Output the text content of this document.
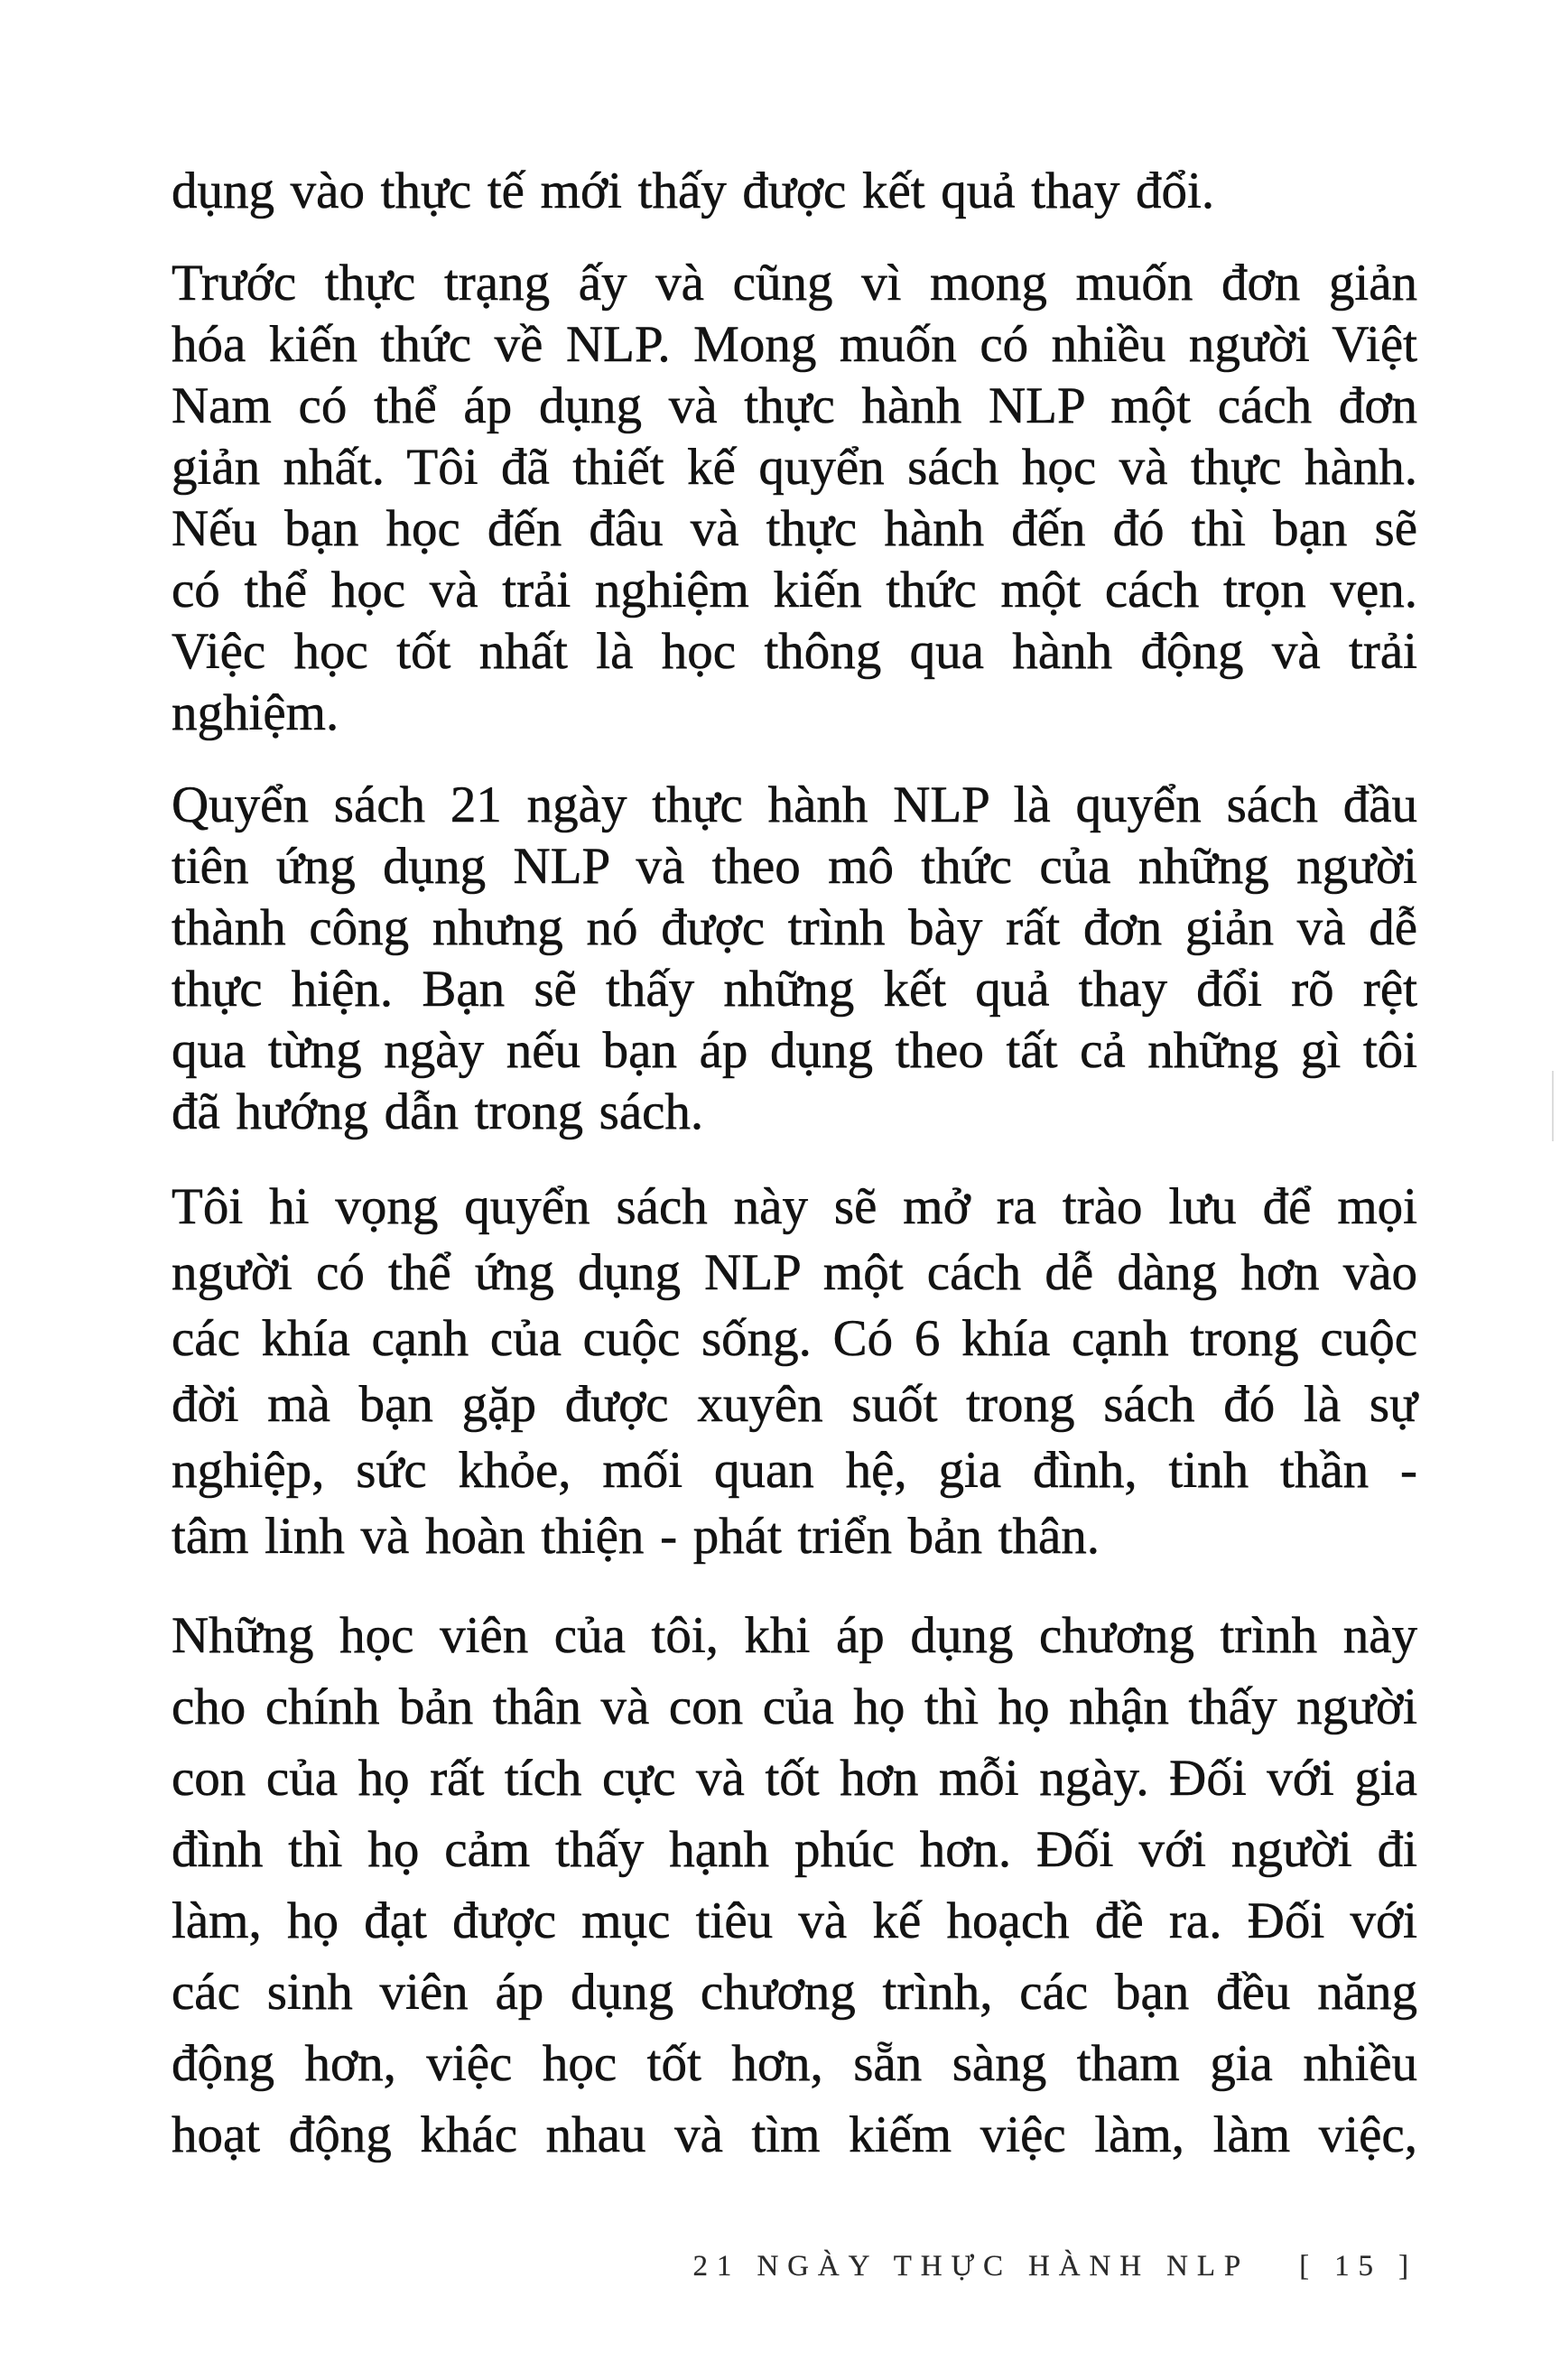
dụng vào thực tế mới thấy được kết quả thay đổi.
Trước thực trạng ấy và cũng vì mong muốn đơn giản
hóa kiến thức về NLP. Mong muốn có nhiều người Việt
Nam có thể áp dụng và thực hành NLP một cách đơn
giản nhất. Tôi đã thiết kế quyển sách học và thực hành.
Nếu bạn học đến đâu và thực hành đến đó thì bạn sẽ
có thể học và trải nghiệm kiến thức một cách trọn vẹn.
Việc học tốt nhất là học thông qua hành động và trải
nghiệm.
Quyển sách 21 ngày thực hành NLP là quyển sách đầu
tiên ứng dụng NLP và theo mô thức của những người
thành công nhưng nó được trình bày rất đơn giản và dễ
thực hiện. Bạn sẽ thấy những kết quả thay đổi rõ rệt
qua từng ngày nếu bạn áp dụng theo tất cả những gì tôi
đã hướng dẫn trong sách.
Tôi hi vọng quyển sách này sẽ mở ra trào lưu để mọi
người có thể ứng dụng NLP một cách dễ dàng hơn vào
các khía cạnh của cuộc sống. Có 6 khía cạnh trong cuộc
đời mà bạn gặp được xuyên suốt trong sách đó là sự
nghiệp, sức khỏe, mối quan hệ, gia đình, tinh thần -
tâm linh và hoàn thiện - phát triển bản thân.
Những học viên của tôi, khi áp dụng chương trình này
cho chính bản thân và con của họ thì họ nhận thấy người
con của họ rất tích cực và tốt hơn mỗi ngày. Đối với gia
đình thì họ cảm thấy hạnh phúc hơn. Đối với người đi
làm, họ đạt được mục tiêu và kế hoạch đề ra. Đối với
các sinh viên áp dụng chương trình, các bạn đều năng
động hơn, việc học tốt hơn, sẵn sàng tham gia nhiều
hoạt động khác nhau và tìm kiếm việc làm, làm việc,
21 NGÀY THỰC HÀNH NLP [ 15 ]
